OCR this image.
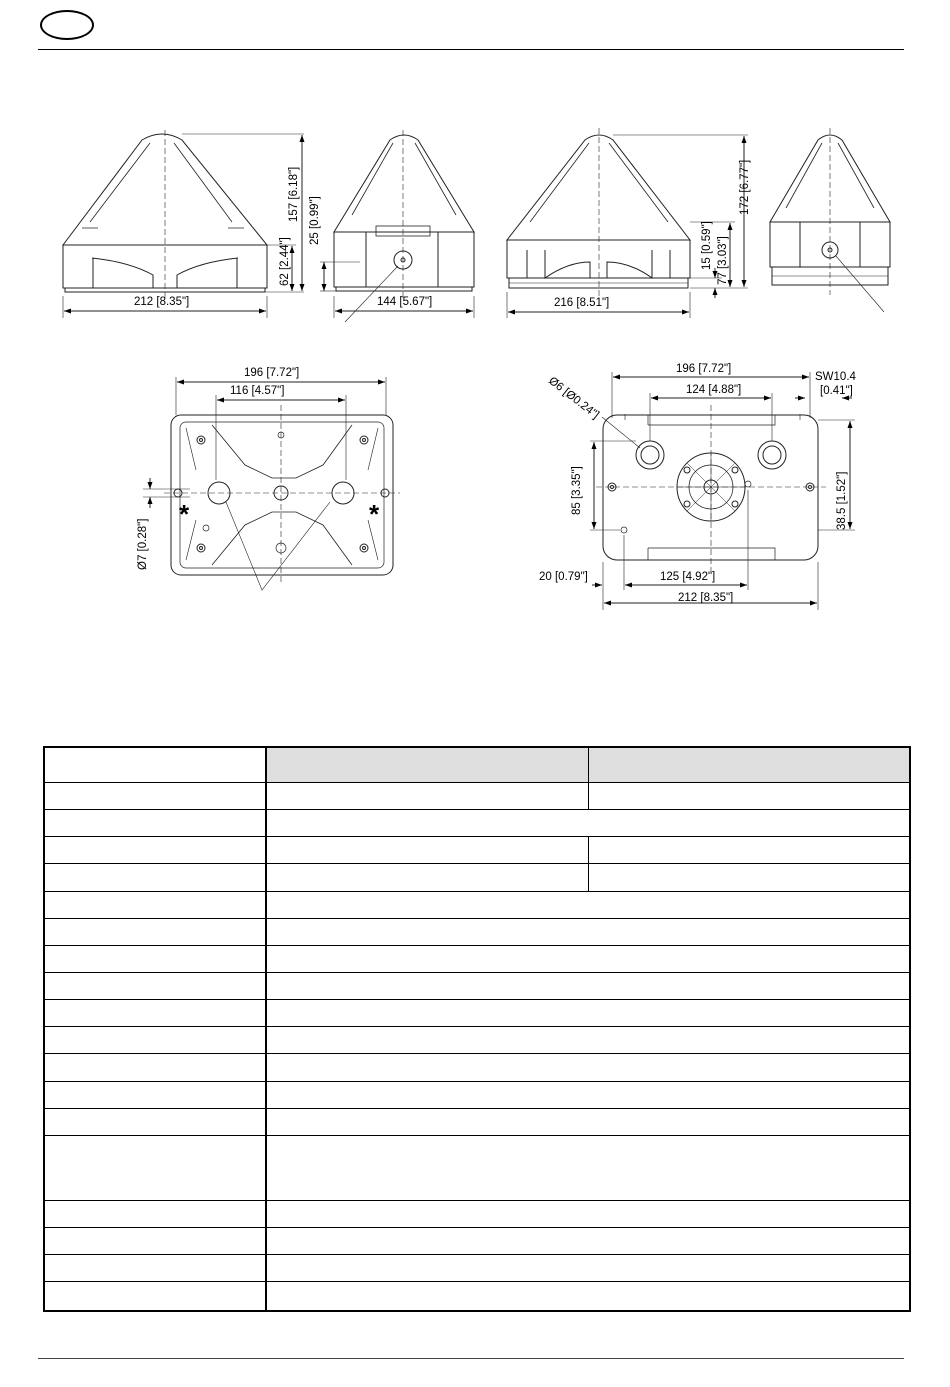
212 [8.35"]
157 [6.18"]
62 [2.44"]
25 [0.99"]
144 [5.67"]	216 [8.51"]
172 [6.77"]
77 [3.03"]
15 [0.59"]
196 [7.72"]
116 [4.57"]
Ø7 [0.28"]
*	*
196 [7.72"]
124 [4.88"]
SW10.4
[0.41"]
Ø6 [Ø0.24"]
85 [3.35"]	38.5 [1.52"]
20 [0.79"]	125 [4.92"]
212 [8.35"]
